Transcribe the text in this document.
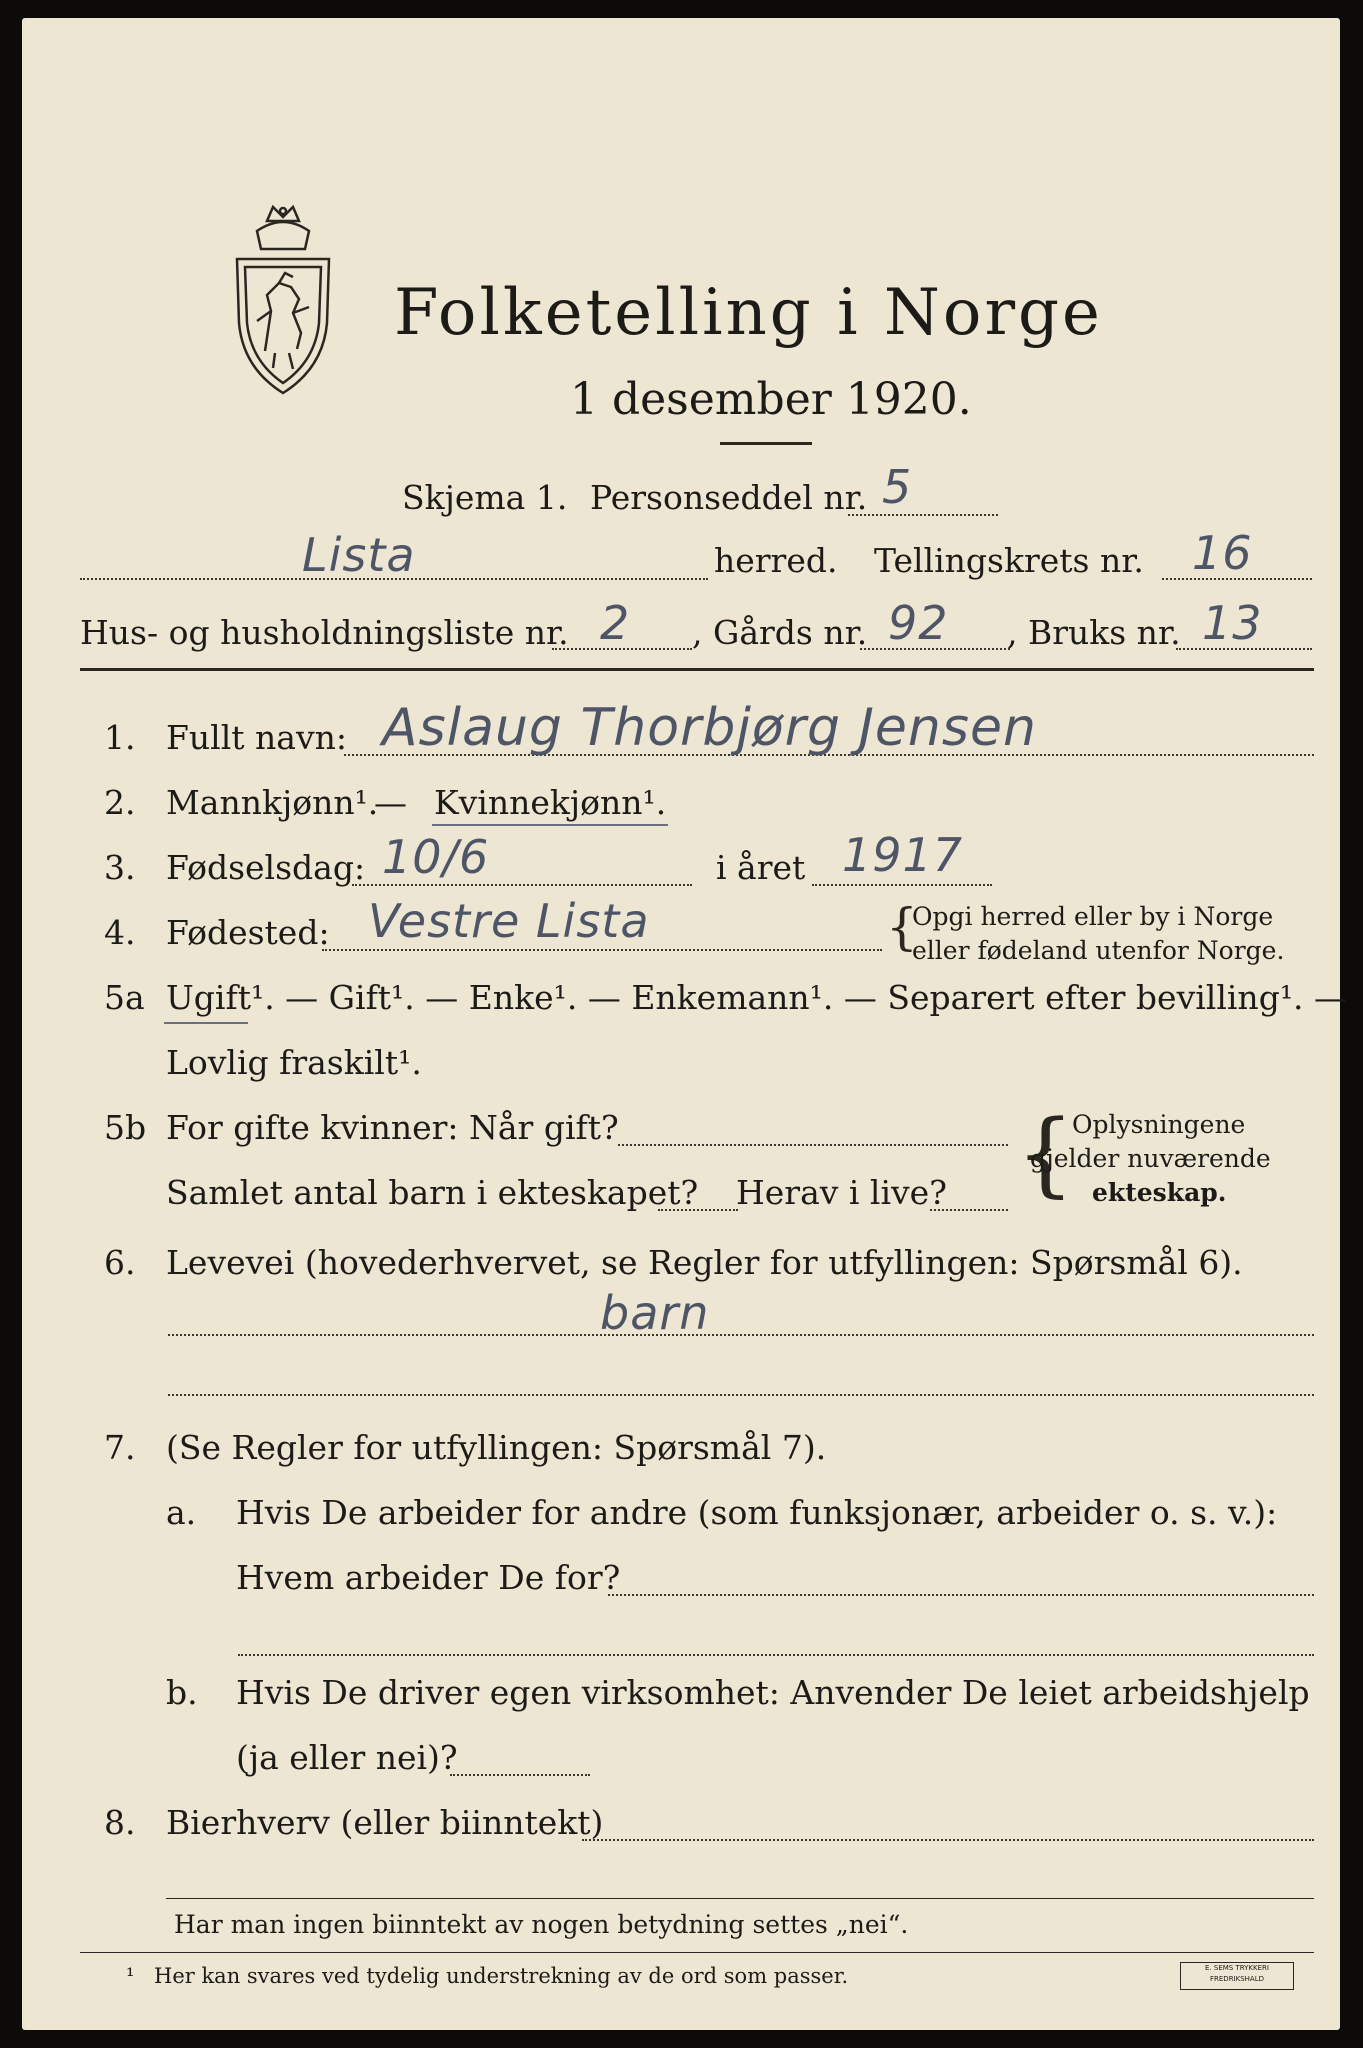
Folketelling i Norge
1 desember 1920.
Skjema 1. Personseddel nr. 5
Lista	herred. Tellingskrets nr. 16
Hus- og husholdningsliste nr. 2 , Gårds nr. 92 , Bruks nr. 13
1. Fullt navn: Aslaug Thorbjørg Jensen
2. Mannkjønn¹.
— Kvinnekjønn¹.
3. Fødselsdag: 10/6	i året 1917
4. Fødested: Vestre Lista	{
Opgi herred eller by i Norge
eller fødeland utenfor Norge.
5a Ugift¹. — Gift¹. — Enke¹. — Enkemann¹. — Separert efter bevilling¹. —
Lovlig fraskilt¹.
5b For gifte kvinner: Når gift?
Samlet antal barn i ekteskapet? Herav i live? {
Oplysningene
gjelder nuværende
ekteskap.
6. Levevei (hovederhvervet, se Regler for utfyllingen: Spørsmål 6).
barn
7. (Se Regler for utfyllingen: Spørsmål 7).
a. Hvis De arbeider for andre (som funksjonær, arbeider o. s. v.):
Hvem arbeider De for?
b. Hvis De driver egen virksomhet: Anvender De leiet arbeidshjelp
(ja eller nei)?
8. Bierhverv (eller biinntekt)
Har man ingen biinntekt av nogen betydning settes „nei“.
¹ Her kan svares ved tydelig understrekning av de ord som passer.	E. SEMS TRYKKERI
FREDRIKSHALD
